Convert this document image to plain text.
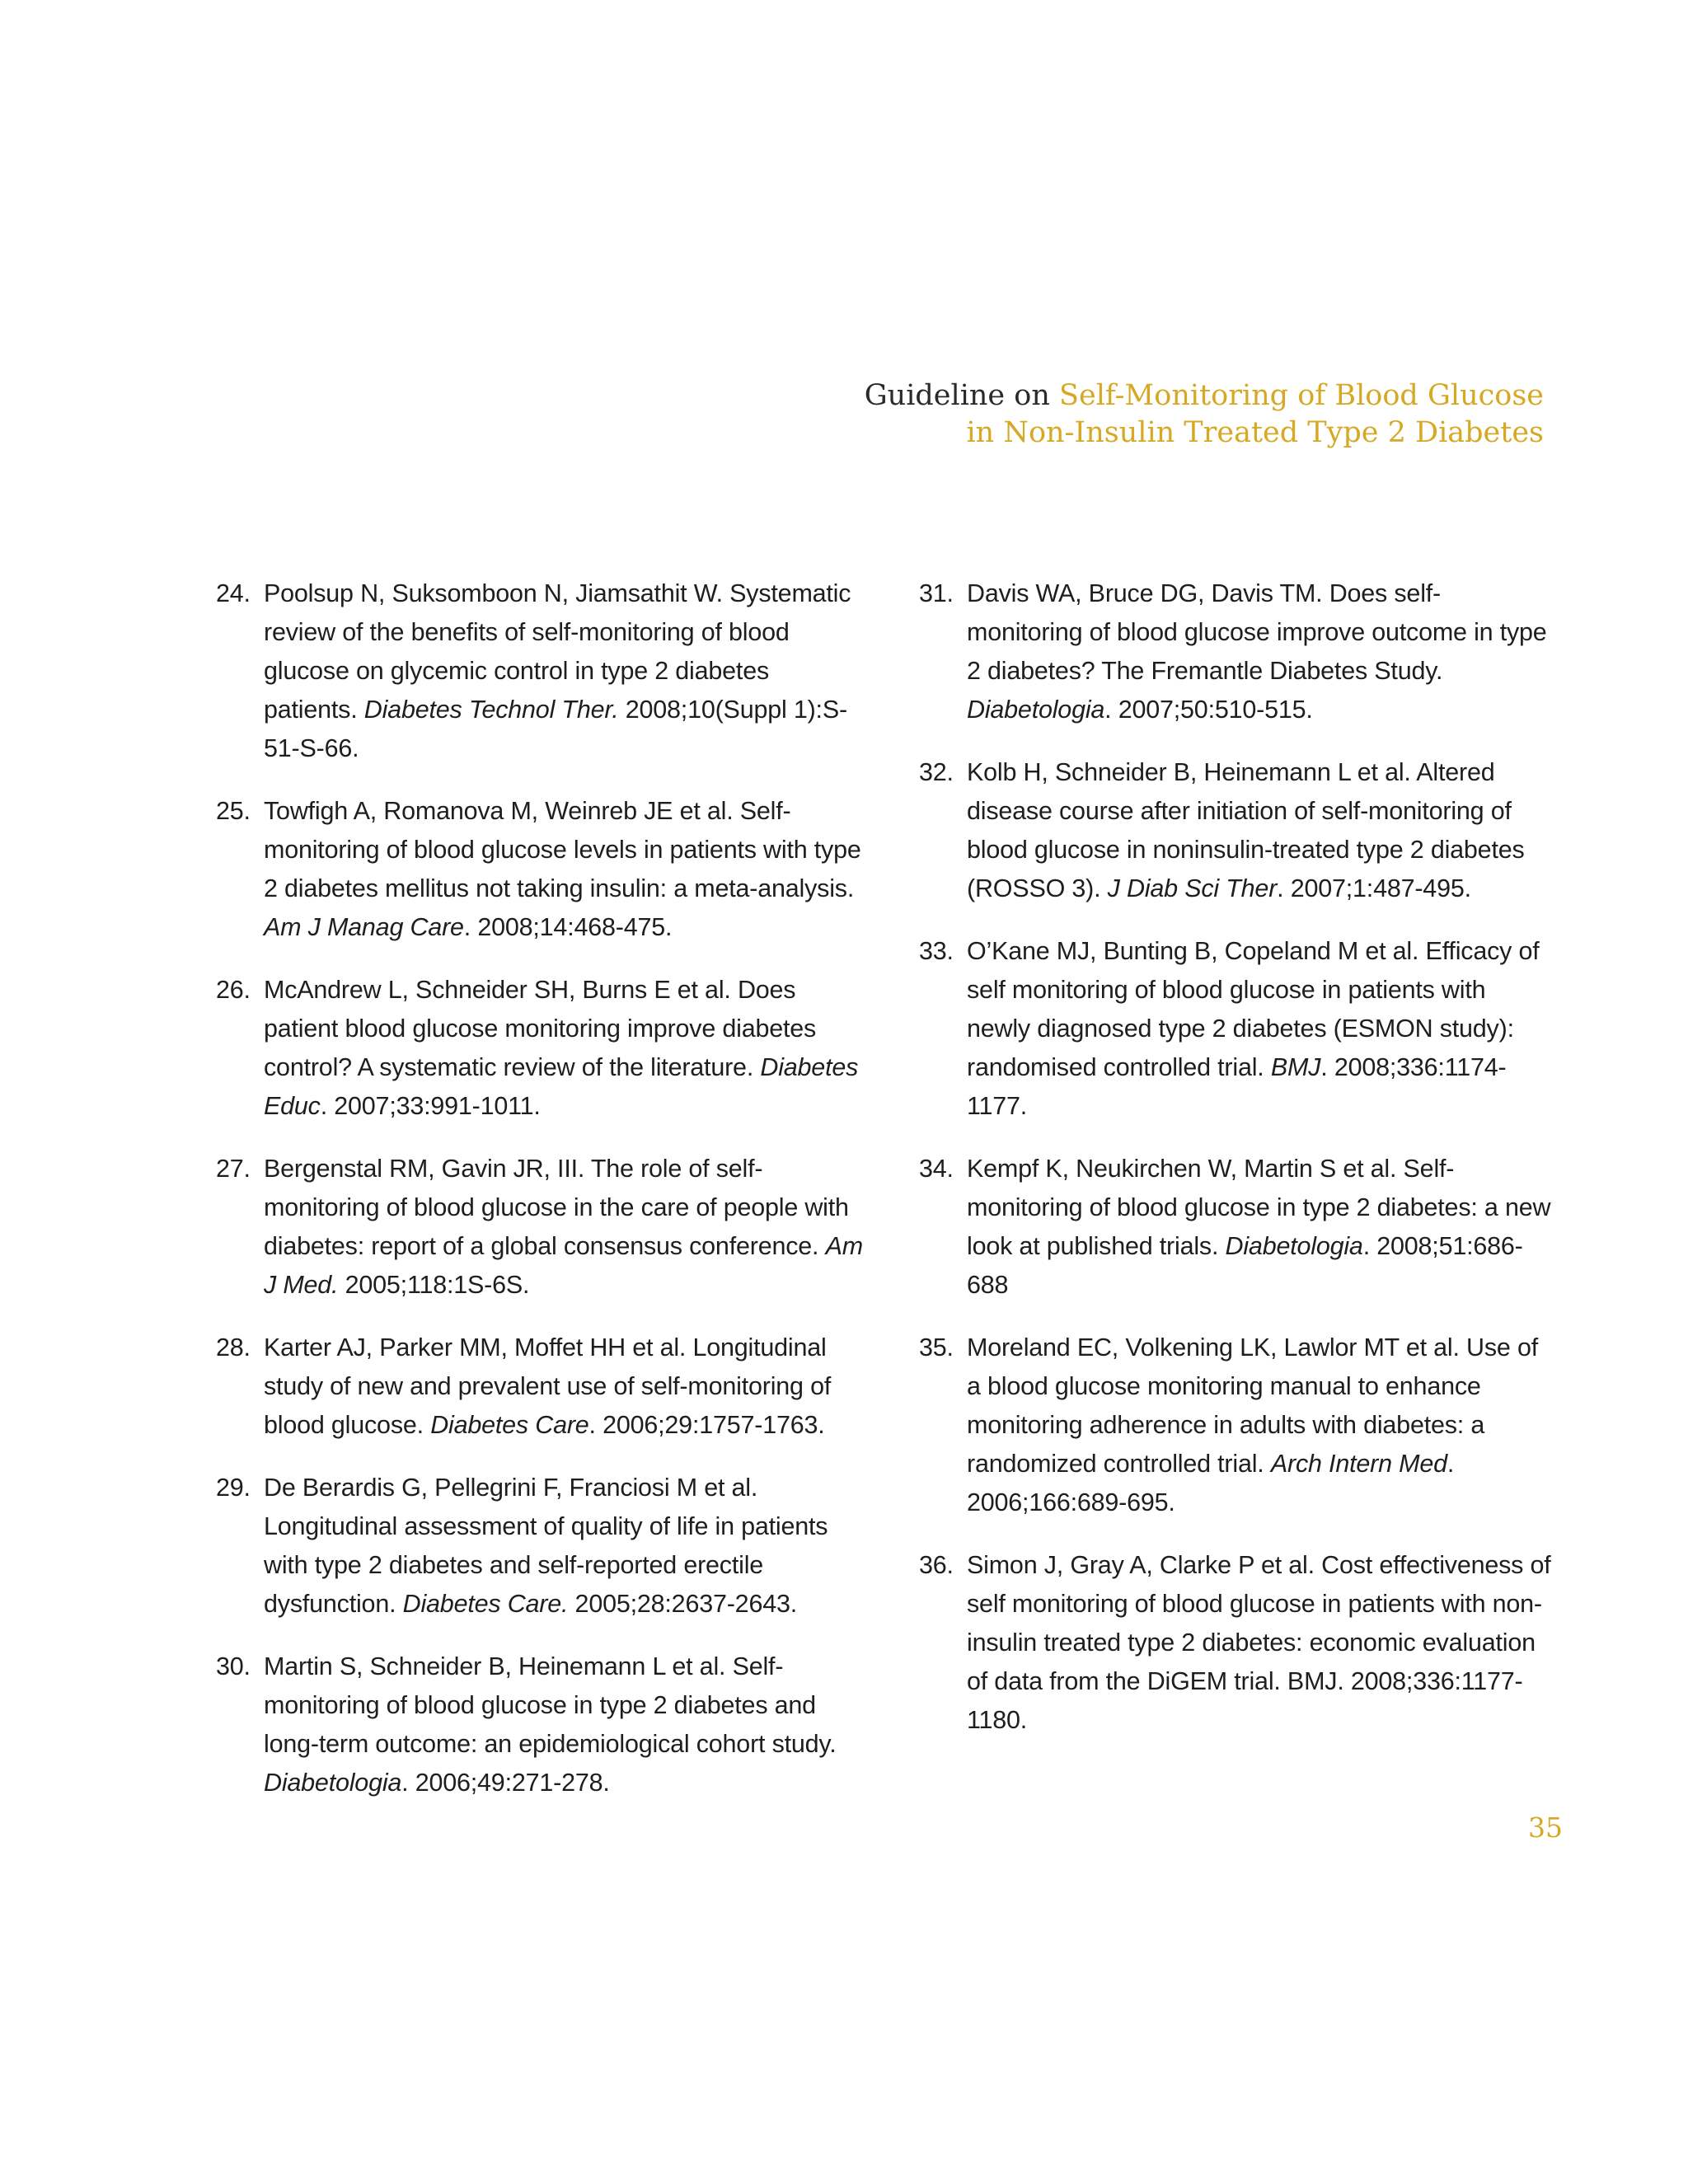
Guideline on Self-Monitoring of Blood Glucose
in Non-Insulin Treated Type 2 Diabetes
24. Poolsup N, Suksomboon N, Jiamsathit W. Systematic review of the benefits of self-monitoring of blood glucose on glycemic control in type 2 diabetes patients. Diabetes Technol Ther. 2008;10(Suppl 1):S-51-S-66.
25. Towfigh A, Romanova M, Weinreb JE et al. Self-monitoring of blood glucose levels in patients with type 2 diabetes mellitus not taking insulin: a meta-analysis. Am J Manag Care. 2008;14:468-475.
26. McAndrew L, Schneider SH, Burns E et al. Does patient blood glucose monitoring improve diabetes control? A systematic review of the literature. Diabetes Educ. 2007;33:991-1011.
27. Bergenstal RM, Gavin JR, III. The role of self-monitoring of blood glucose in the care of people with diabetes: report of a global consensus conference. Am J Med. 2005;118:1S-6S.
28. Karter AJ, Parker MM, Moffet HH et al. Longitudinal study of new and prevalent use of self-monitoring of blood glucose. Diabetes Care. 2006;29:1757-1763.
29. De Berardis G, Pellegrini F, Franciosi M et al. Longitudinal assessment of quality of life in patients with type 2 diabetes and self-reported erectile dysfunction. Diabetes Care. 2005;28:2637-2643.
30. Martin S, Schneider B, Heinemann L et al. Self-monitoring of blood glucose in type 2 diabetes and long-term outcome: an epidemiological cohort study. Diabetologia. 2006;49:271-278.
31. Davis WA, Bruce DG, Davis TM. Does self-monitoring of blood glucose improve outcome in type 2 diabetes? The Fremantle Diabetes Study. Diabetologia. 2007;50:510-515.
32. Kolb H, Schneider B, Heinemann L et al. Altered disease course after initiation of self-monitoring of blood glucose in noninsulin-treated type 2 diabetes (ROSSO 3). J Diab Sci Ther. 2007;1:487-495.
33. O’Kane MJ, Bunting B, Copeland M et al. Efficacy of self monitoring of blood glucose in patients with newly diagnosed type 2 diabetes (ESMON study): randomised controlled trial. BMJ. 2008;336:1174-1177.
34. Kempf K, Neukirchen W, Martin S et al. Self-monitoring of blood glucose in type 2 diabetes: a new look at published trials. Diabetologia. 2008;51:686-688
35. Moreland EC, Volkening LK, Lawlor MT et al. Use of a blood glucose monitoring manual to enhance monitoring adherence in adults with diabetes: a randomized controlled trial. Arch Intern Med. 2006;166:689-695.
36. Simon J, Gray A, Clarke P et al. Cost effectiveness of self monitoring of blood glucose in patients with non-insulin treated type 2 diabetes: economic evaluation of data from the DiGEM trial. BMJ. 2008;336:1177-1180.
35
